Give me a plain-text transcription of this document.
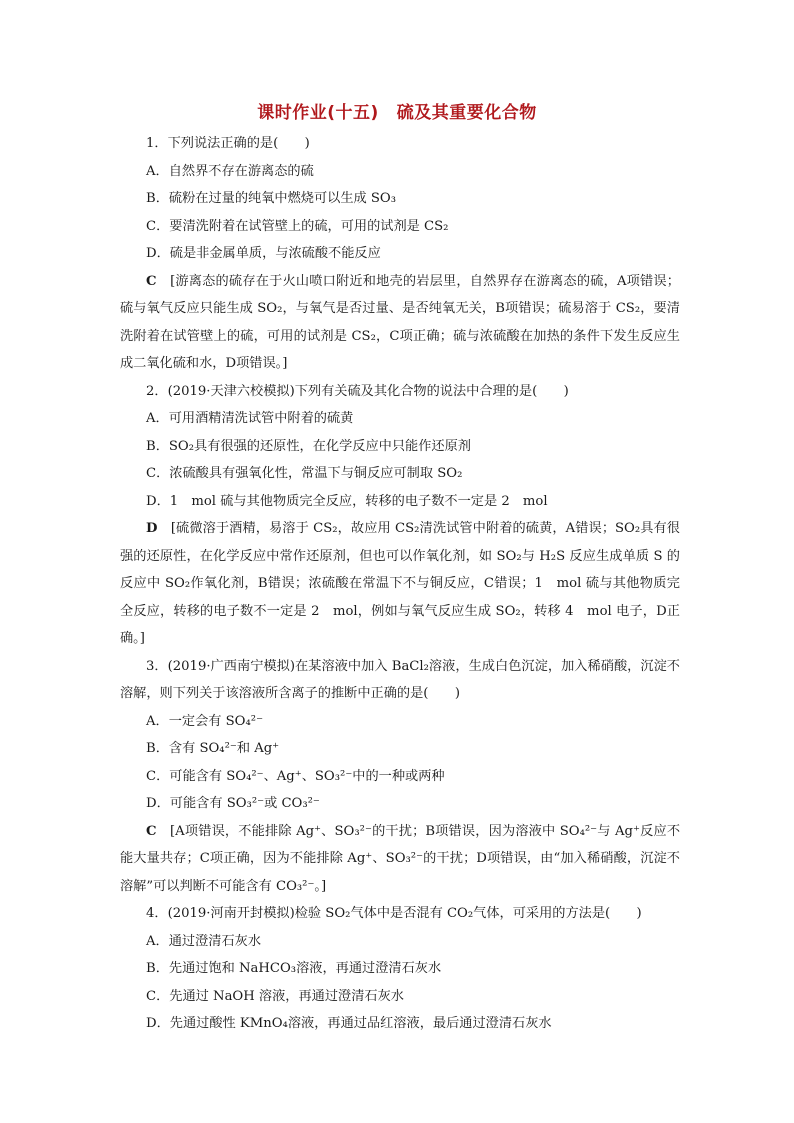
课时作业(十五) 硫及其重要化合物

1．下列说法正确的是(　　)

A．自然界不存在游离态的硫

B．硫粉在过量的纯氧中燃烧可以生成 SO₃

C．要清洗附着在试管壁上的硫，可用的试剂是 CS₂

D．硫是非金属单质，与浓硫酸不能反应

C　 [游离态的硫存在于火山喷口附近和地壳的岩层里，自然界存在游离态的硫，A项错误；硫与氧气反应只能生成 SO₂，与氧气是否过量、是否纯氧无关，B项错误；硫易溶于 CS₂，要清洗附着在试管壁上的硫，可用的试剂是 CS₂，C项正确；硫与浓硫酸在加热的条件下发生反应生成二氧化硫和水，D项错误。]

2．(2019·天津六校模拟)下列有关硫及其化合物的说法中合理的是(　　)

A．可用酒精清洗试管中附着的硫黄

B．SO₂具有很强的还原性，在化学反应中只能作还原剂

C．浓硫酸具有强氧化性，常温下与铜反应可制取 SO₂

D．1　mol 硫与其他物质完全反应，转移的电子数不一定是 2　mol

D　 [硫微溶于酒精，易溶于 CS₂，故应用 CS₂清洗试管中附着的硫黄，A错误；SO₂具有很强的还原性，在化学反应中常作还原剂，但也可以作氧化剂，如 SO₂与 H₂S 反应生成单质 S 的反应中 SO₂作氧化剂，B错误；浓硫酸在常温下不与铜反应，C错误；1　mol 硫与其他物质完全反应，转移的电子数不一定是 2　mol，例如与氧气反应生成 SO₂，转移 4　mol 电子，D正确。]

3．(2019·广西南宁模拟)在某溶液中加入 BaCl₂溶液，生成白色沉淀，加入稀硝酸，沉淀不溶解，则下列关于该溶液所含离子的推断中正确的是(　　)

A．一定会有 SO₄²⁻

B．含有 SO₄²⁻和 Ag⁺

C．可能含有 SO₄²⁻、Ag⁺、SO₃²⁻中的一种或两种

D．可能含有 SO₃²⁻或 CO₃²⁻

C　 [A项错误，不能排除 Ag⁺、SO₃²⁻的干扰；B项错误，因为溶液中 SO₄²⁻与 Ag⁺反应不能大量共存；C项正确，因为不能排除 Ag⁺、SO₃²⁻的干扰；D项错误，由“加入稀硝酸，沉淀不溶解”可以判断不可能含有 CO₃²⁻。]

4．(2019·河南开封模拟)检验 SO₂气体中是否混有 CO₂气体，可采用的方法是(　　)

A．通过澄清石灰水

B．先通过饱和 NaHCO₃溶液，再通过澄清石灰水

C．先通过 NaOH 溶液，再通过澄清石灰水

D．先通过酸性 KMnO₄溶液，再通过品红溶液，最后通过澄清石灰水
